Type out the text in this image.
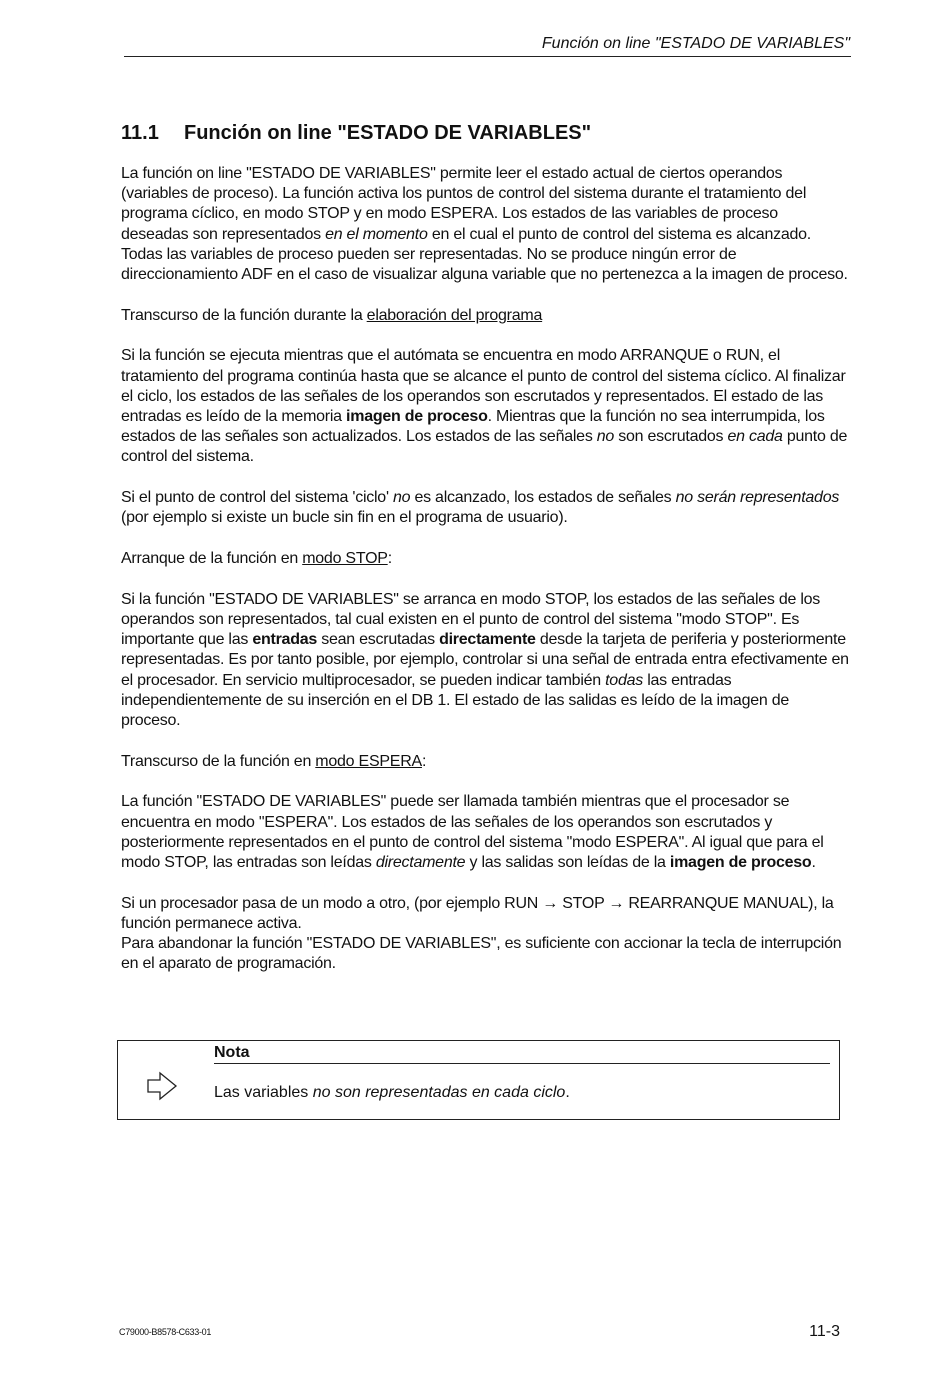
Función on line "ESTADO DE VARIABLES"
11.1 Función on line "ESTADO DE VARIABLES"

La función on line "ESTADO DE VARIABLES" permite leer el estado actual de ciertos operandos (variables de proceso). La función activa los puntos de control del sistema durante el tratamiento del programa cíclico, en modo STOP y en modo ESPERA. Los estados de las variables de proceso deseadas son representados en el momento en el cual el punto de control del sistema es alcanzado. Todas las variables de proceso pueden ser representadas. No se produce ningún error de direccionamiento ADF en el caso de visualizar alguna variable que no pertenezca a la imagen de proceso.

Transcurso de la función durante la elaboración del programa

Si la función se ejecuta mientras que el autómata se encuentra en modo ARRANQUE o RUN, el tratamiento del programa continúa hasta que se alcance el punto de control del sistema cíclico. Al finalizar el ciclo, los estados de las señales de los operandos son escrutados y representados. El estado de las entradas es leído de la memoria imagen de proceso. Mientras que la función no sea interrumpida, los estados de las señales son actualizados. Los estados de las señales no son escrutados en cada punto de control del sistema.

Si el punto de control del sistema 'ciclo' no es alcanzado, los estados de señales no serán representados (por ejemplo si existe un bucle sin fin en el programa de usuario).

Arranque de la función en modo STOP:

Si la función "ESTADO DE VARIABLES" se arranca en modo STOP, los estados de las señales de los operandos son representados, tal cual existen en el punto de control del sistema "modo STOP". Es importante que las entradas sean escrutadas directamente desde la tarjeta de periferia y posteriormente representadas. Es por tanto posible, por ejemplo, controlar si una señal de entrada entra efectivamente en el procesador. En servicio multiprocesador, se pueden indicar también todas las entradas independientemente de su inserción en el DB 1. El estado de las salidas es leído de la imagen de proceso.

Transcurso de la función en modo ESPERA:

La función "ESTADO DE VARIABLES" puede ser llamada también mientras que el procesador se encuentra en modo "ESPERA". Los estados de las señales de los operandos son escrutados y posteriormente representados en el punto de control del sistema "modo ESPERA". Al igual que para el modo STOP, las entradas son leídas directamente y las salidas son leídas de la imagen de proceso.

Si un procesador pasa de un modo a otro, (por ejemplo RUN → STOP → REARRANQUE MANUAL), la función permanece activa.

Para abandonar la función "ESTADO DE VARIABLES", es suficiente con accionar la tecla de interrupción en el aparato de programación.

Nota
Las variables no son representadas en cada ciclo.
C79000-B8578-C633-01	11-3
